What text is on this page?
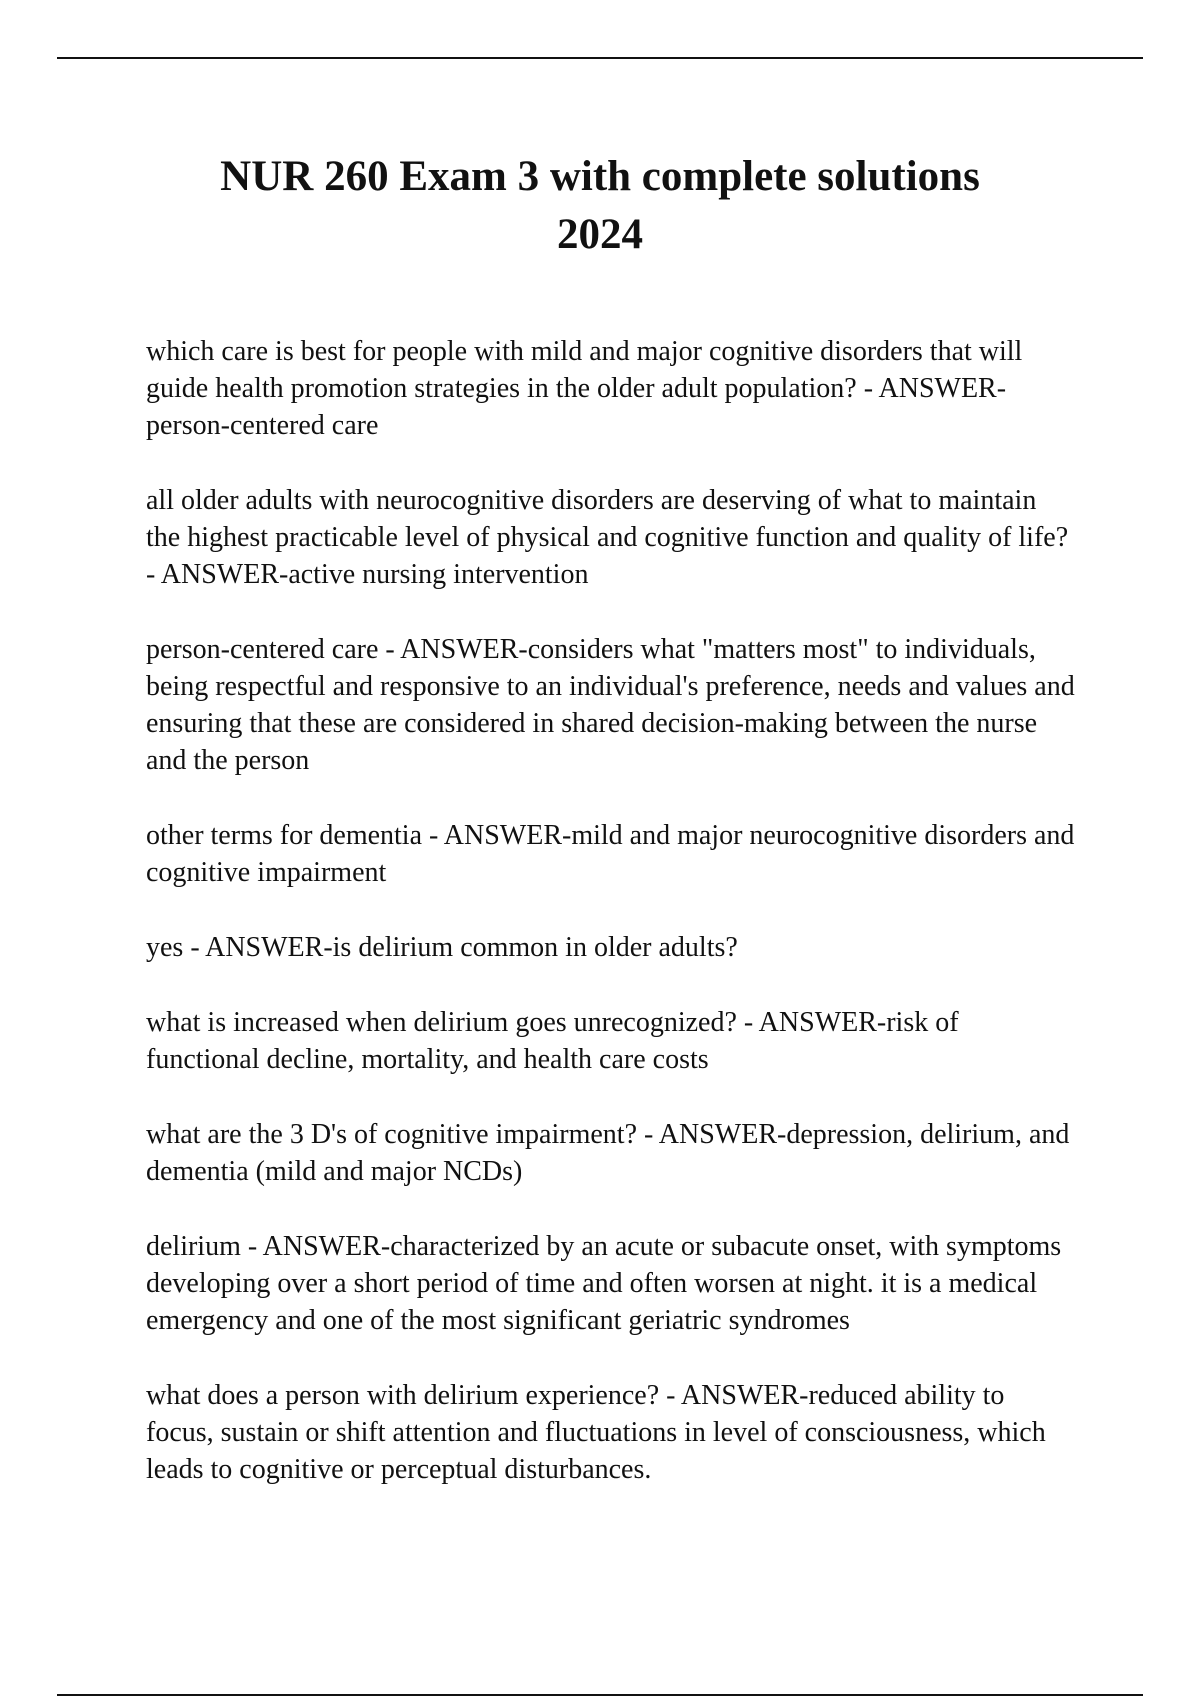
NUR 260 Exam 3 with complete solutions
2024

which care is best for people with mild and major cognitive disorders that will guide health promotion strategies in the older adult population? - ANSWER-person-centered care

all older adults with neurocognitive disorders are deserving of what to maintain the highest practicable level of physical and cognitive function and quality of life? - ANSWER-active nursing intervention

person-centered care - ANSWER-considers what "matters most" to individuals, being respectful and responsive to an individual's preference, needs and values and ensuring that these are considered in shared decision-making between the nurse and the person

other terms for dementia - ANSWER-mild and major neurocognitive disorders and cognitive impairment

yes - ANSWER-is delirium common in older adults?

what is increased when delirium goes unrecognized? - ANSWER-risk of functional decline, mortality, and health care costs

what are the 3 D's of cognitive impairment? - ANSWER-depression, delirium, and dementia (mild and major NCDs)

delirium - ANSWER-characterized by an acute or subacute onset, with symptoms developing over a short period of time and often worsen at night. it is a medical emergency and one of the most significant geriatric syndromes

what does a person with delirium experience? - ANSWER-reduced ability to focus, sustain or shift attention and fluctuations in level of consciousness, which leads to cognitive or perceptual disturbances.
